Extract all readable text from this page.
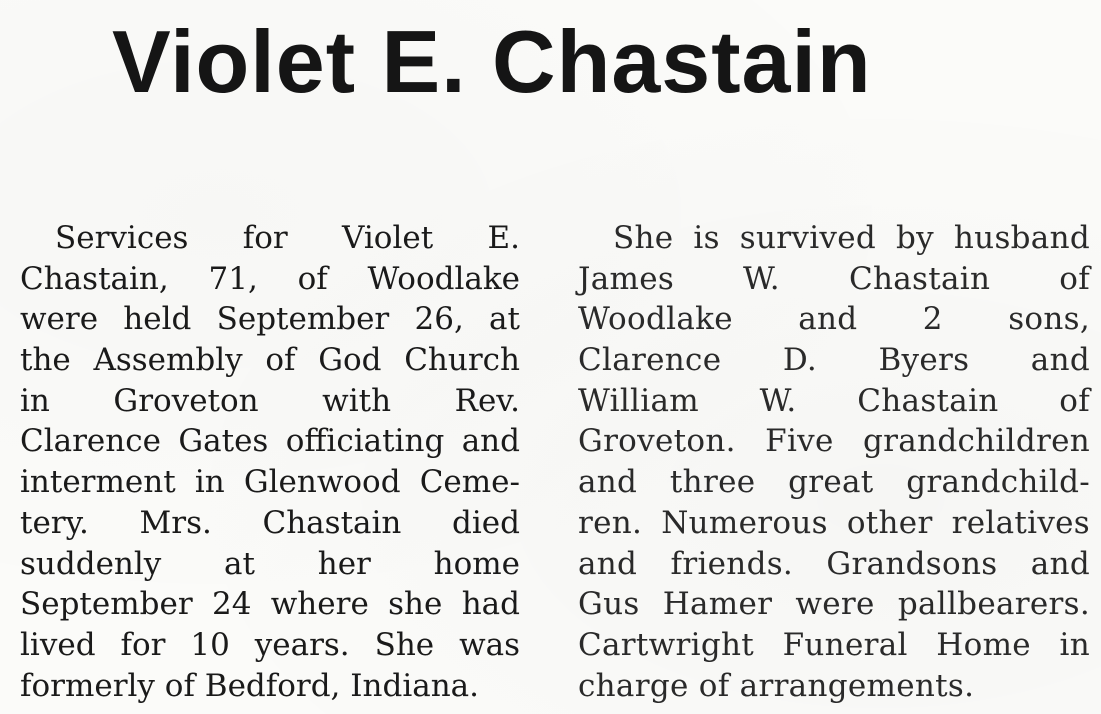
Violet E. Chastain
Services for Violet E.
Chastain, 71, of Woodlake
were held September 26, at
the Assembly of God Church
in Groveton with Rev.
Clarence Gates officiating and
interment in Glenwood Ceme-
tery. Mrs. Chastain died
suddenly at her home
September 24 where she had
lived for 10 years. She was
formerly of Bedford, Indiana.
She is survived by husband
James W. Chastain of
Woodlake and 2 sons,
Clarence D. Byers and
William W. Chastain of
Groveton. Five grandchildren
and three great grandchild-
ren. Numerous other relatives
and friends. Grandsons and
Gus Hamer were pallbearers.
Cartwright Funeral Home in
charge of arrangements.
